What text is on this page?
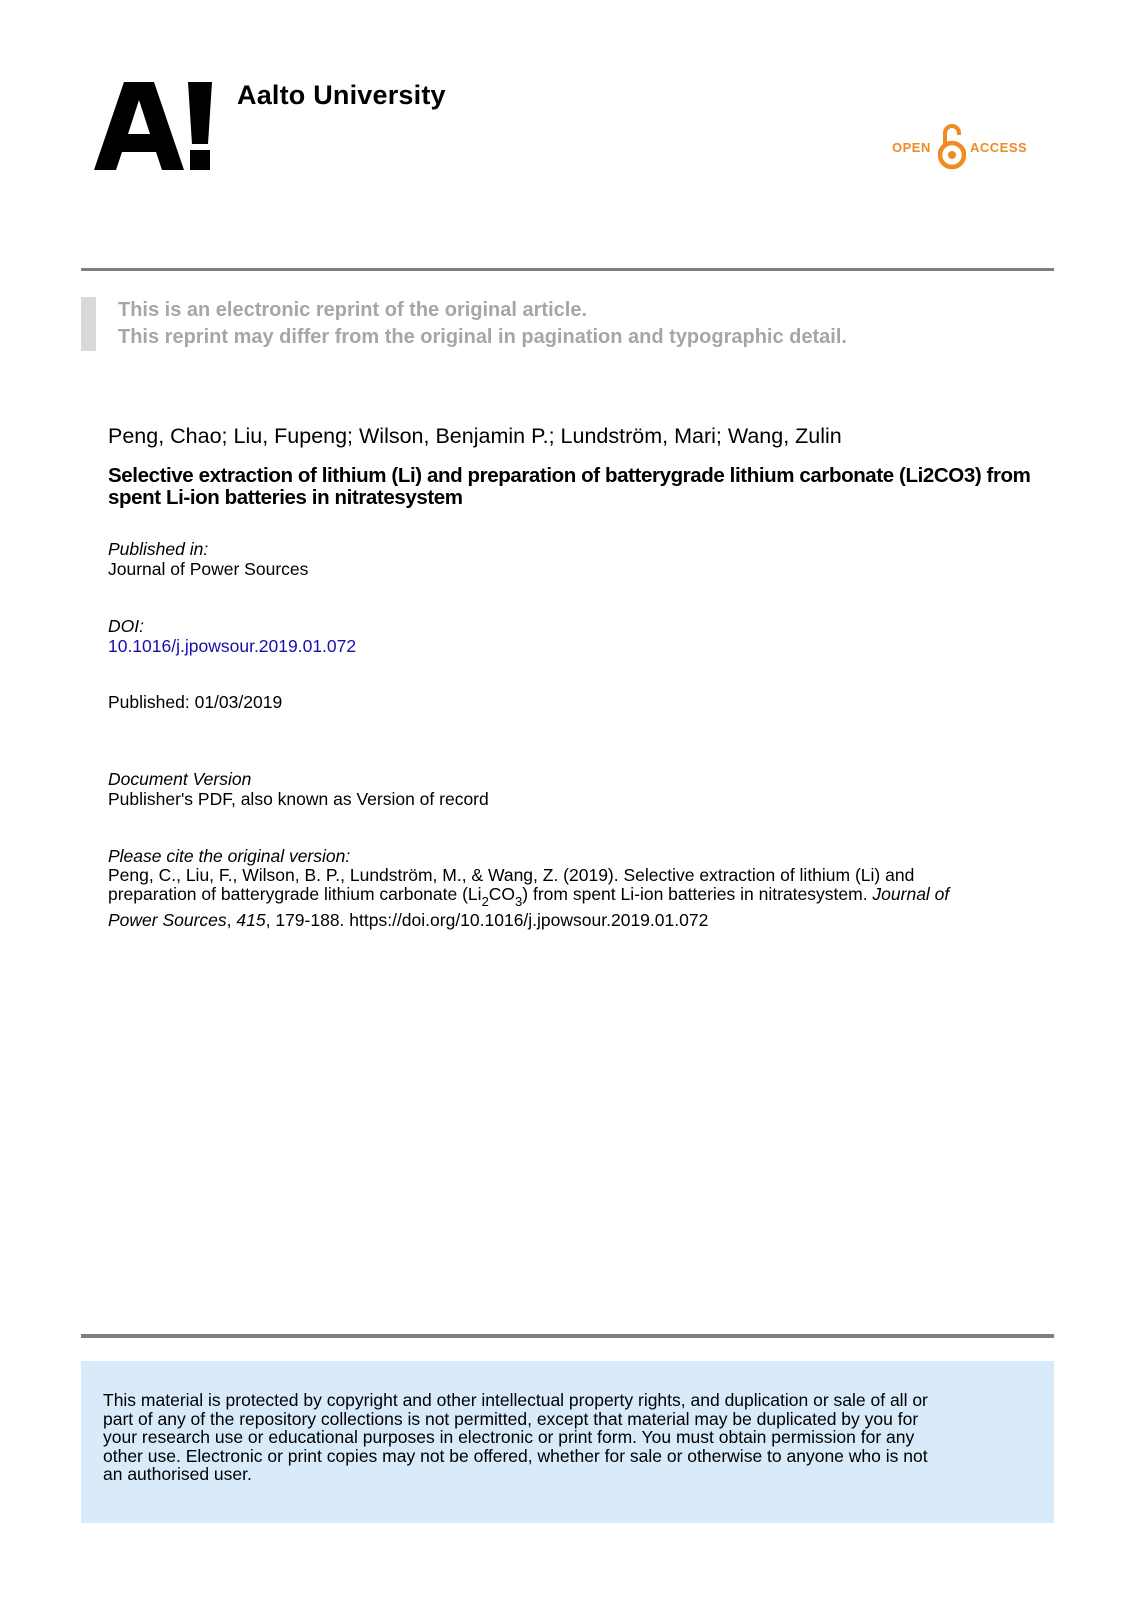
Aalto University
OPEN	ACCESS
This is an electronic reprint of the original article.
This reprint may differ from the original in pagination and typographic detail.
Peng, Chao; Liu, Fupeng; Wilson, Benjamin P.; Lundström, Mari; Wang, Zulin
Selective extraction of lithium (Li) and preparation of batterygrade lithium carbonate (Li2CO3) from spent Li-ion batteries in nitratesystem
Published in:
Journal of Power Sources
DOI:
10.1016/j.jpowsour.2019.01.072
Published: 01/03/2019
Document Version
Publisher's PDF, also known as Version of record
Please cite the original version:
Peng, C., Liu, F., Wilson, B. P., Lundström, M., & Wang, Z. (2019). Selective extraction of lithium (Li) and
preparation of batterygrade lithium carbonate $(Li_2CO_3)$ from spent Li-ion batteries in nitratesystem. Journal of
Power Sources, 415, 179-188. https://doi.org/10.1016/j.jpowsour.2019.01.072
This material is protected by copyright and other intellectual property rights, and duplication or sale of all or
part of any of the repository collections is not permitted, except that material may be duplicated by you for
your research use or educational purposes in electronic or print form. You must obtain permission for any
other use. Electronic or print copies may not be offered, whether for sale or otherwise to anyone who is not
an authorised user.
